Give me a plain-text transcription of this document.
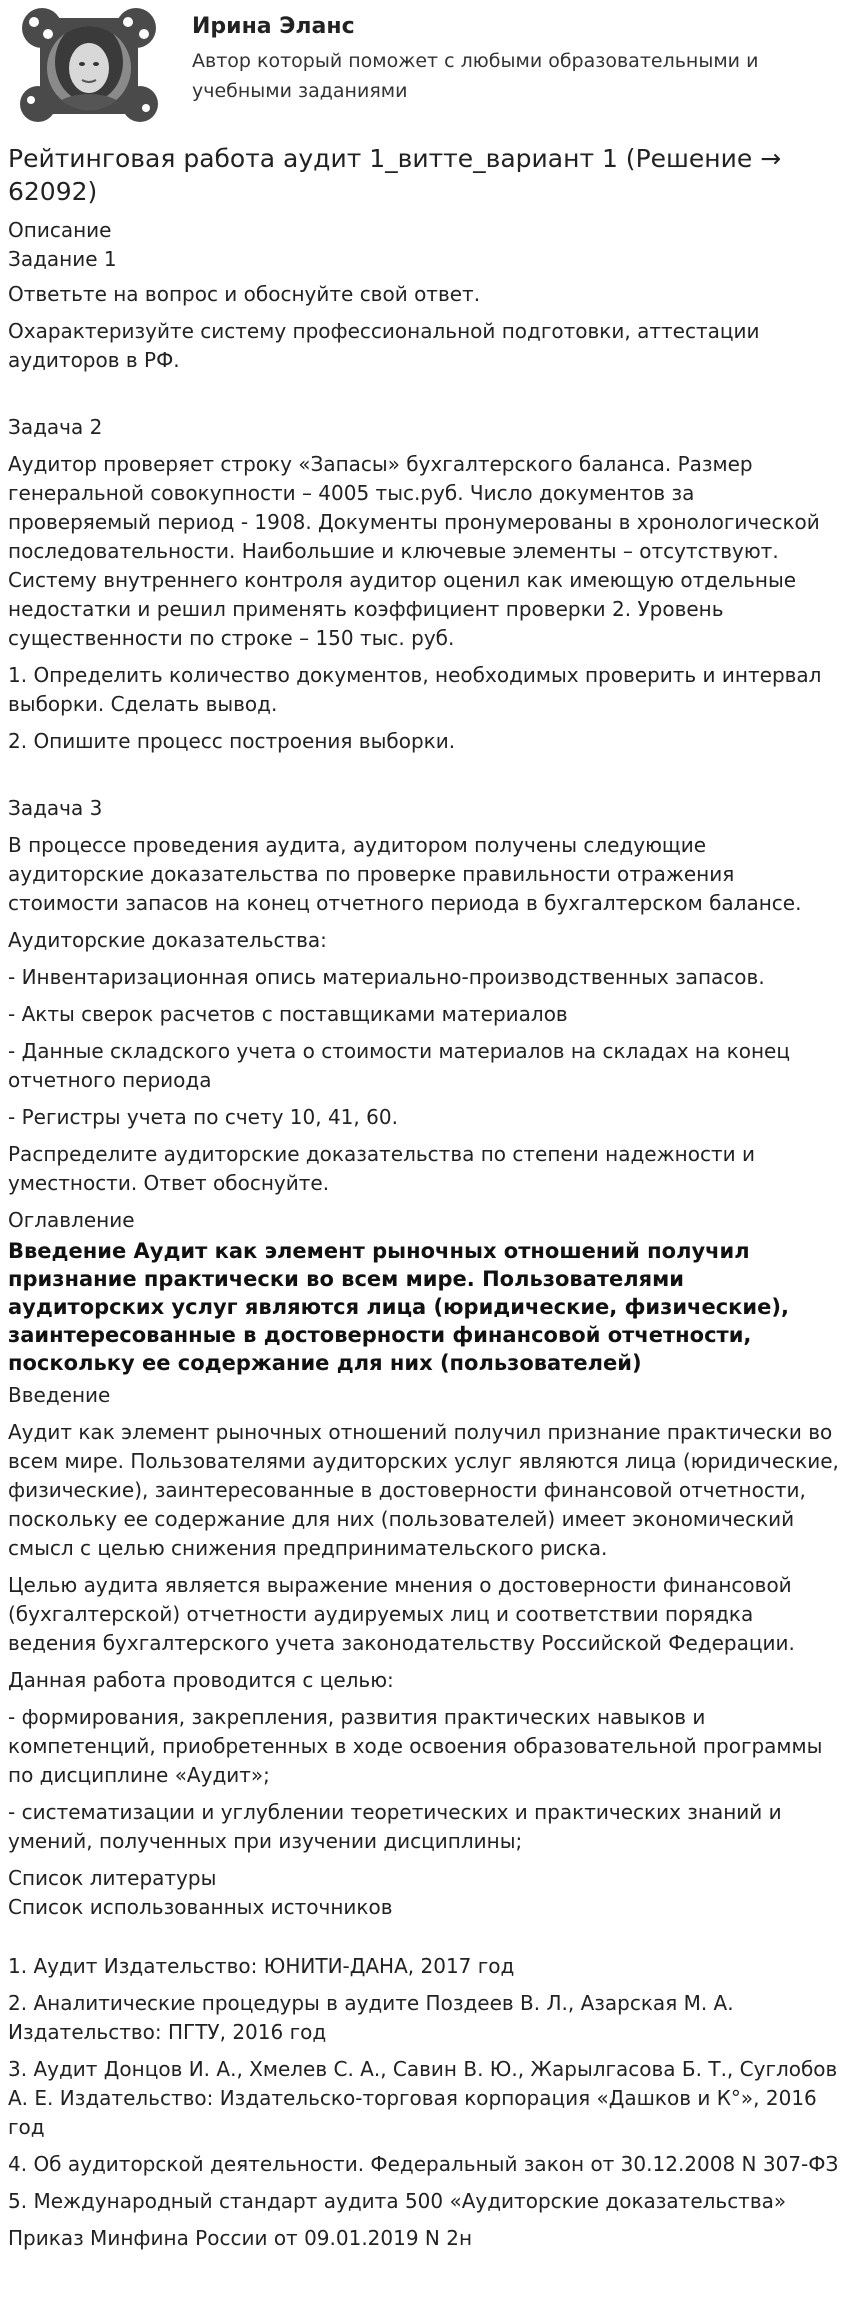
Ирина Эланс
Автор который поможет с любыми образовательными и учебными заданиями
Рейтинговая работа аудит 1_витте_вариант 1 (Решение → 62092)
Описание
Задание 1

Ответьте на вопрос и обоснуйте свой ответ.

Охарактеризуйте систему профессиональной подготовки, аттестации аудиторов в РФ.

Задача 2

Аудитор проверяет строку «Запасы» бухгалтерского баланса. Размер генеральной совокупности – 4005 тыс.руб. Число документов за проверяемый период - 1908. Документы пронумерованы в хронологической последовательности. Наибольшие и ключевые элементы – отсутствуют. Систему внутреннего контроля аудитор оценил как имеющую отдельные недостатки и решил применять коэффициент проверки 2. Уровень существенности по строке – 150 тыс. руб.

1. Определить количество документов, необходимых проверить и интервал выборки. Сделать вывод.

2. Опишите процесс построения выборки.

Задача 3

В процессе проведения аудита, аудитором получены следующие аудиторские доказательства по проверке правильности отражения стоимости запасов на конец отчетного периода в бухгалтерском балансе.

Аудиторские доказательства:

- Инвентаризационная опись материально-производственных запасов.

- Акты сверок расчетов с поставщиками материалов

- Данные складского учета о стоимости материалов на складах на конец отчетного периода

- Регистры учета по счету 10, 41, 60.

Распределите аудиторские доказательства по степени надежности и уместности. Ответ обоснуйте.

Оглавление
Введение Аудит как элемент рыночных отношений получил признание практически во всем мире. Пользователями аудиторских услуг являются лица (юридические, физические), заинтересованные в достоверности финансовой отчетности, поскольку ее содержание для них (пользователей)

Введение

Аудит как элемент рыночных отношений получил признание практически во всем мире. Пользователями аудиторских услуг являются лица (юридические, физические), заинтересованные в достоверности финансовой отчетности, поскольку ее содержание для них (пользователей) имеет экономический смысл с целью снижения предпринимательского риска.

Целью аудита является выражение мнения о достоверности финансовой (бухгалтерской) отчетности аудируемых лиц и соответствии порядка ведения бухгалтерского учета законодательству Российской Федерации.

Данная работа проводится с целью:

- формирования, закрепления, развития практических навыков и компетенций, приобретенных в ходе освоения образовательной программы по дисциплине «Аудит»;

- систематизации и углублении теоретических и практических знаний и умений, полученных при изучении дисциплины;

Список литературы
Список использованных источников

1. Аудит Издательство: ЮНИТИ-ДАНА, 2017 год

2. Аналитические процедуры в аудите Поздеев В. Л., Азарская М. А. Издательство: ПГТУ, 2016 год

3. Аудит Донцов И. А., Хмелев С. А., Савин В. Ю., Жарылгасова Б. Т., Суглобов А. Е. Издательство: Издательско-торговая корпорация «Дашков и К°», 2016 год

4. Об аудиторской деятельности. Федеральный закон от 30.12.2008 N 307-ФЗ

5. Международный стандарт аудита 500 «Аудиторские доказательства»

Приказ Минфина России от 09.01.2019 N 2н
